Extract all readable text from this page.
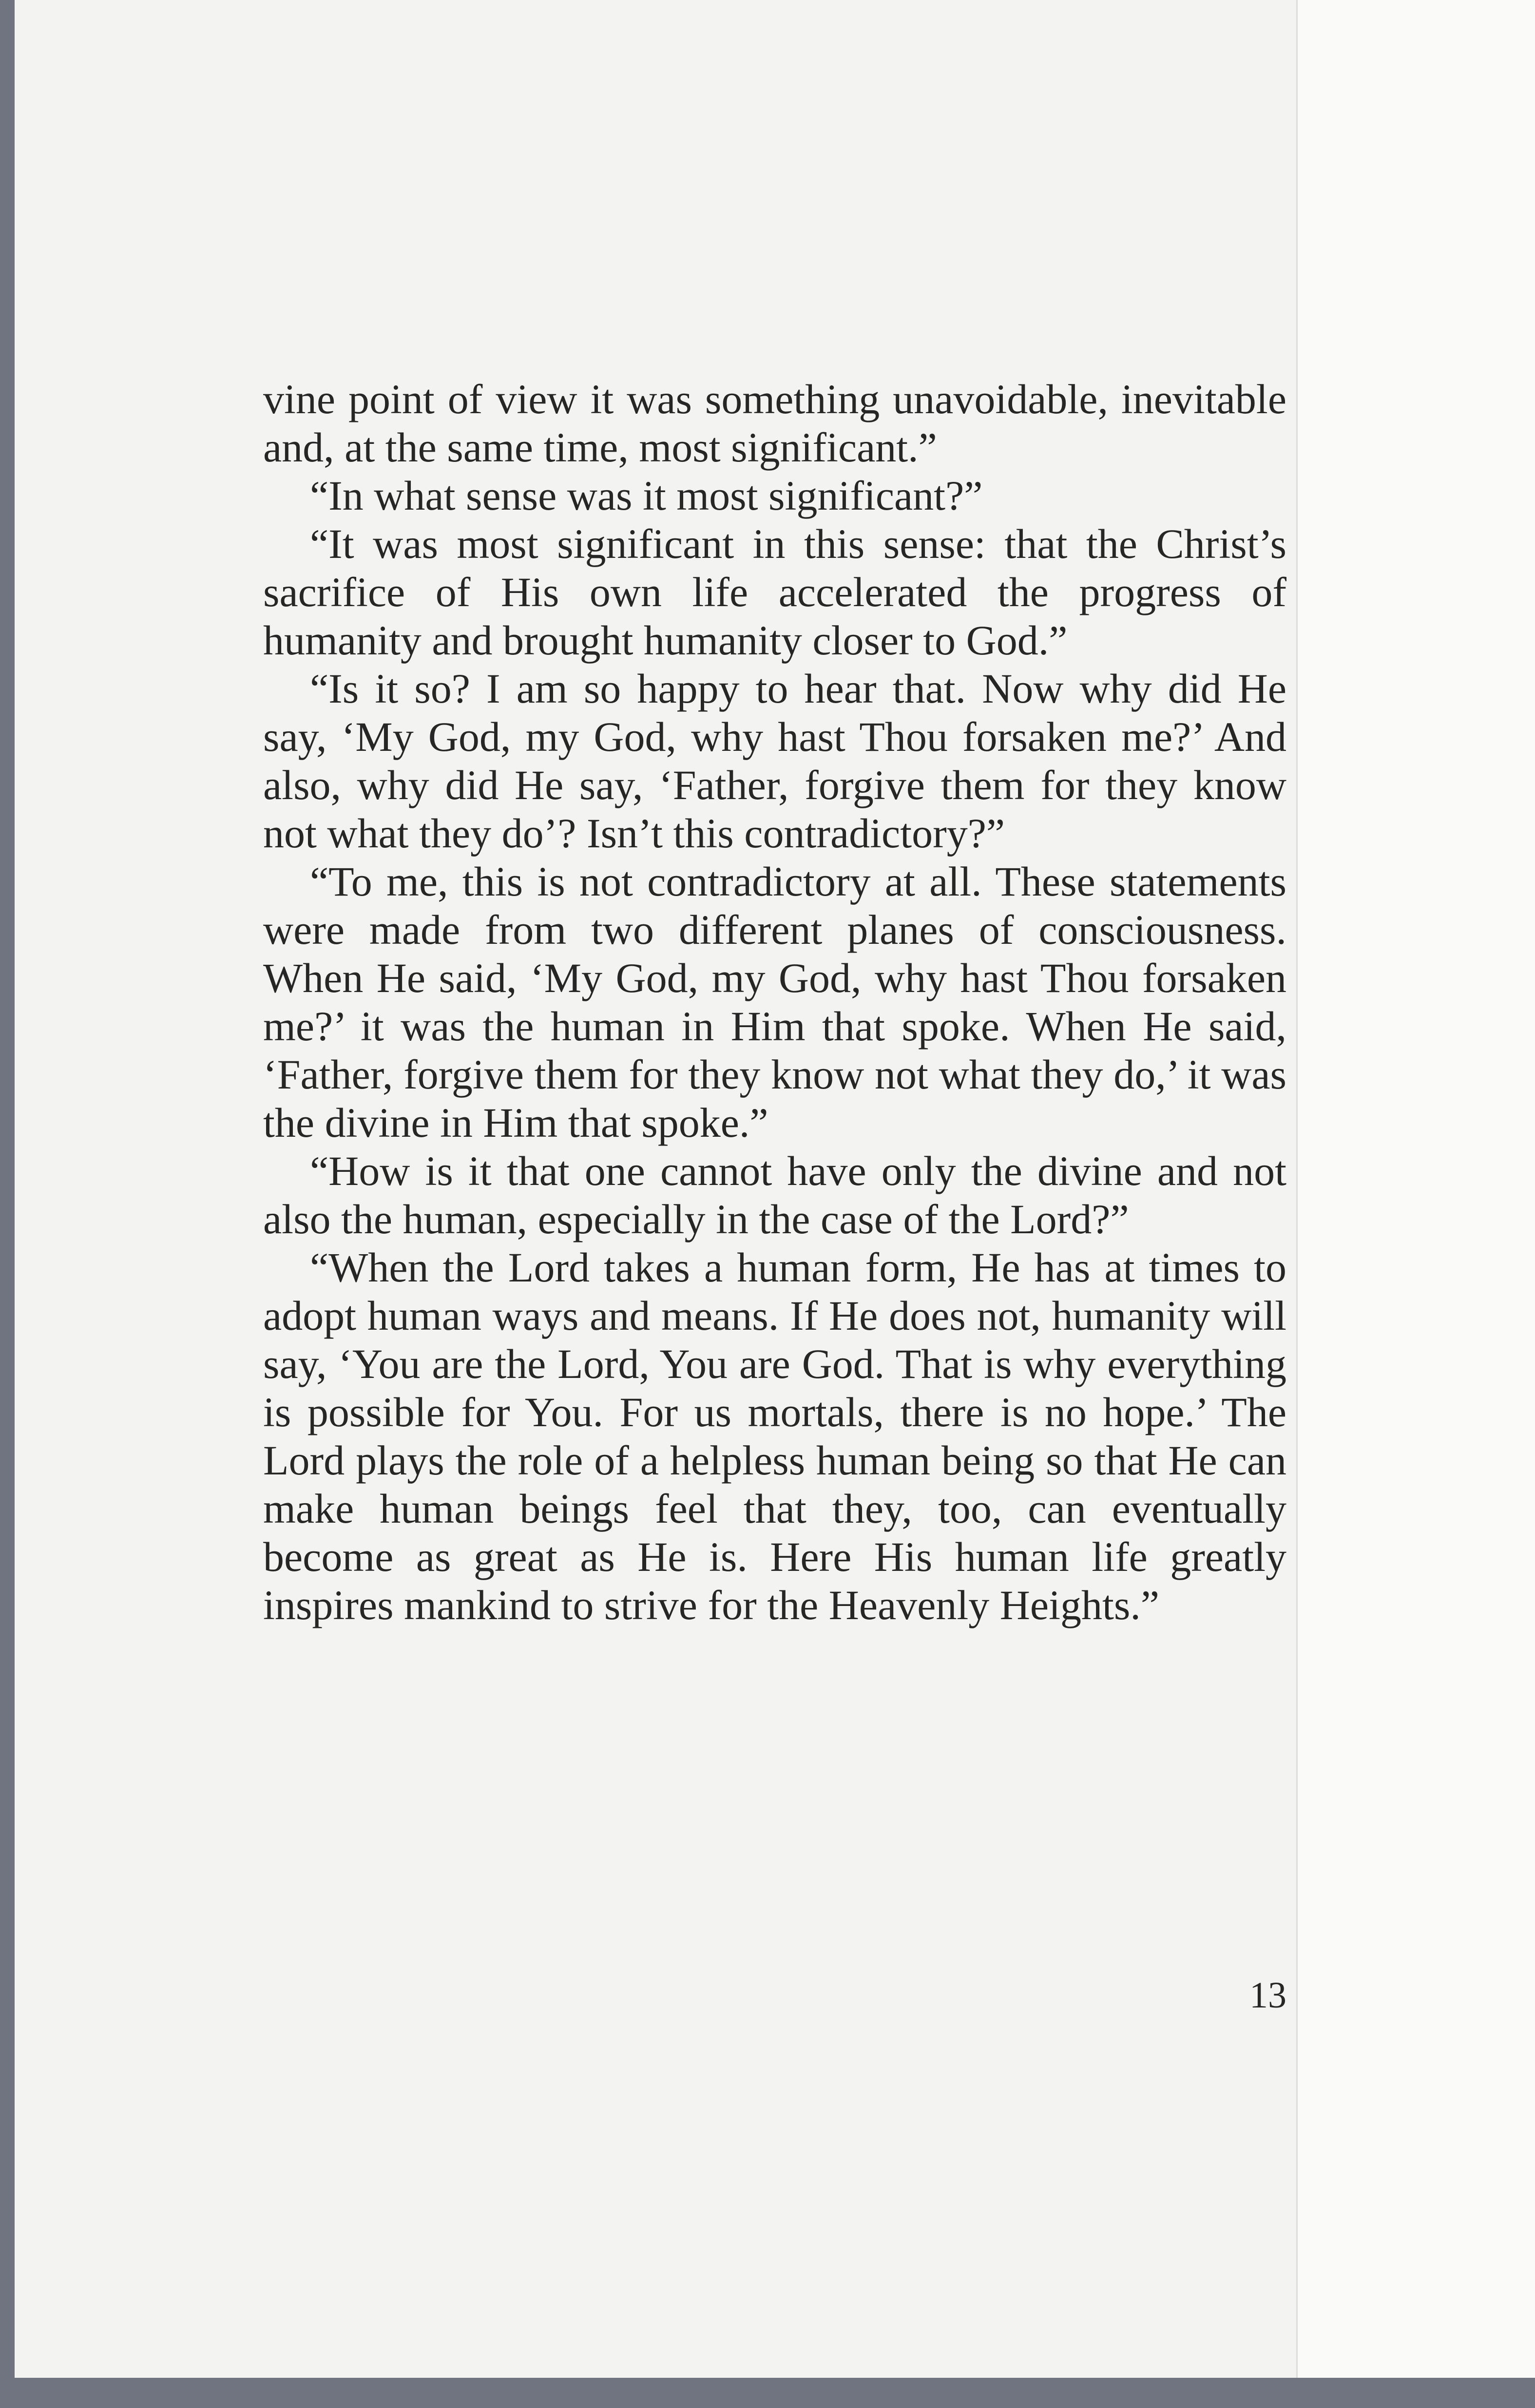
vine point of view it was something unavoidable, inevitable and, at the same time, most significant.”

“In what sense was it most significant?”

“It was most significant in this sense: that the Christ’s sacrifice of His own life accelerated the progress of humanity and brought humanity closer to God.”

“Is it so? I am so happy to hear that. Now why did He say, ‘My God, my God, why hast Thou forsaken me?’ And also, why did He say, ‘Father, forgive them for they know not what they do’? Isn’t this contradictory?”

“To me, this is not contradictory at all. These statements were made from two different planes of consciousness. When He said, ‘My God, my God, why hast Thou forsaken me?’ it was the human in Him that spoke. When He said, ‘Father, forgive them for they know not what they do,’ it was the divine in Him that spoke.”

“How is it that one cannot have only the divine and not also the human, especially in the case of the Lord?”

“When the Lord takes a human form, He has at times to adopt human ways and means. If He does not, humanity will say, ‘You are the Lord, You are God. That is why everything is possible for You. For us mortals, there is no hope.’ The Lord plays the role of a helpless human being so that He can make human beings feel that they, too, can eventually become as great as He is. Here His human life greatly inspires mankind to strive for the Heavenly Heights.”

13
